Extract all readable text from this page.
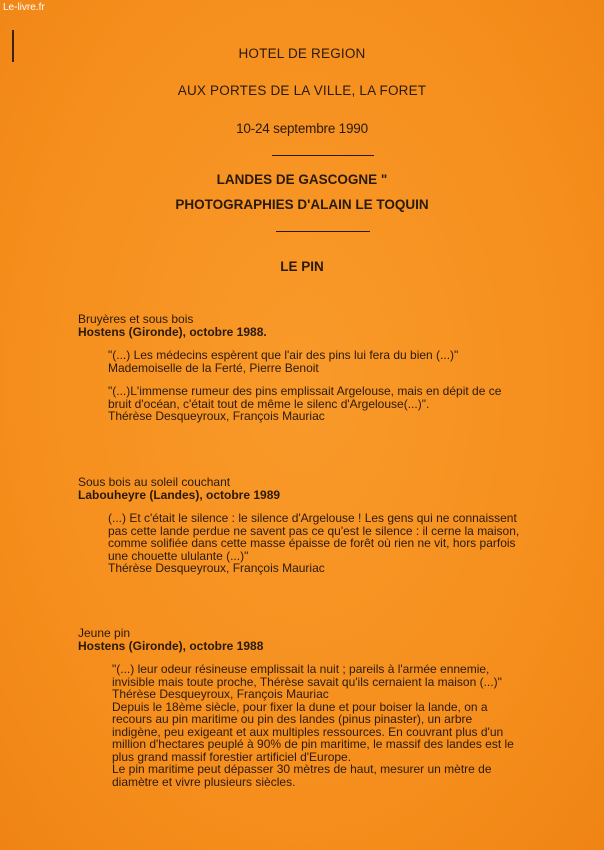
Le-livre.fr
HOTEL DE REGION
AUX PORTES DE LA VILLE, LA FORET
10-24 septembre 1990
LANDES DE GASCOGNE "
PHOTOGRAPHIES D'ALAIN LE TOQUIN
LE PIN
Bruyères et sous bois
Hostens (Gironde), octobre 1988.
"(...) Les médecins espèrent que l'air des pins lui fera du bien (...)"
Mademoiselle de la Ferté, Pierre Benoit
"(...)L'immense rumeur des pins emplissait Argelouse, mais en dépit de ce
bruit d'océan, c'était tout de même le silenc d'Argelouse(...)".
Thérèse Desqueyroux, François Mauriac
Sous bois au soleil couchant
Labouheyre (Landes), octobre 1989
(...) Et c'était le silence : le silence d'Argelouse ! Les gens qui ne connaissent
pas cette lande perdue ne savent pas ce qu'est le silence : il cerne la maison,
comme solifiée dans cette masse épaisse de forêt où rien ne vit, hors parfois
une chouette ululante (...)"
Thérèse Desqueyroux, François Mauriac
Jeune pin
Hostens (Gironde), octobre 1988
"(...) leur odeur résineuse emplissait la nuit ; pareils à l'armée ennemie,
invisible mais toute proche, Thérèse savait qu'ils cernaient la maison (...)"
Thérèse Desqueyroux, François Mauriac
Depuis le 18ème siècle, pour fixer la dune et pour boiser la lande, on a
recours au pin maritime ou pin des landes (pinus pinaster), un arbre
indigène, peu exigeant et aux multiples ressources. En couvrant plus d'un
million d'hectares peuplé à 90% de pin maritime, le massif des landes est le
plus grand massif forestier artificiel d'Europe.
Le pin maritime peut dépasser 30 mètres de haut, mesurer un mètre de
diamètre et vivre plusieurs siècles.
